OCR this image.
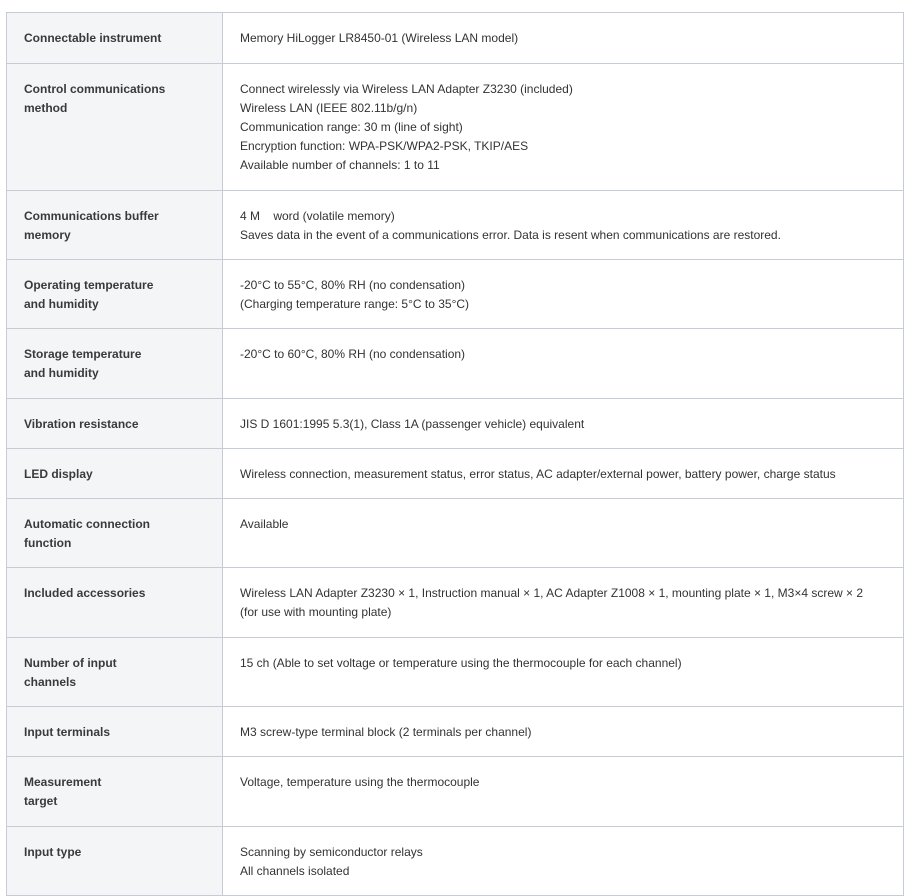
Connectable instrument	Memory HiLogger LR8450-01 (Wireless LAN model)

Control communications
method	Connect wirelessly via Wireless LAN Adapter Z3230 (included)
Wireless LAN (IEEE 802.11b/g/n)
Communication range: 30 m (line of sight)
Encryption function: WPA-PSK/WPA2-PSK, TKIP/AES
Available number of channels: 1 to 11

Communications buffer
memory	4 M    word (volatile memory)
Saves data in the event of a communications error. Data is resent when communications are restored.

Operating temperature
and humidity	-20°C to 55°C, 80% RH (no condensation)
(Charging temperature range: 5°C to 35°C)

Storage temperature
and humidity	-20°C to 60°C, 80% RH (no condensation)

Vibration resistance	JIS D 1601:1995 5.3(1), Class 1A (passenger vehicle) equivalent

LED display	Wireless connection, measurement status, error status, AC adapter/external power, battery power, charge status

Automatic connection
function	Available

Included accessories	Wireless LAN Adapter Z3230 × 1, Instruction manual × 1, AC Adapter Z1008 × 1, mounting plate × 1, M3×4 screw × 2
(for use with mounting plate)

Number of input
channels	15 ch (Able to set voltage or temperature using the thermocouple for each channel)

Input terminals	M3 screw-type terminal block (2 terminals per channel)

Measurement
target	Voltage, temperature using the thermocouple

Input type	Scanning by semiconductor relays
All channels isolated
